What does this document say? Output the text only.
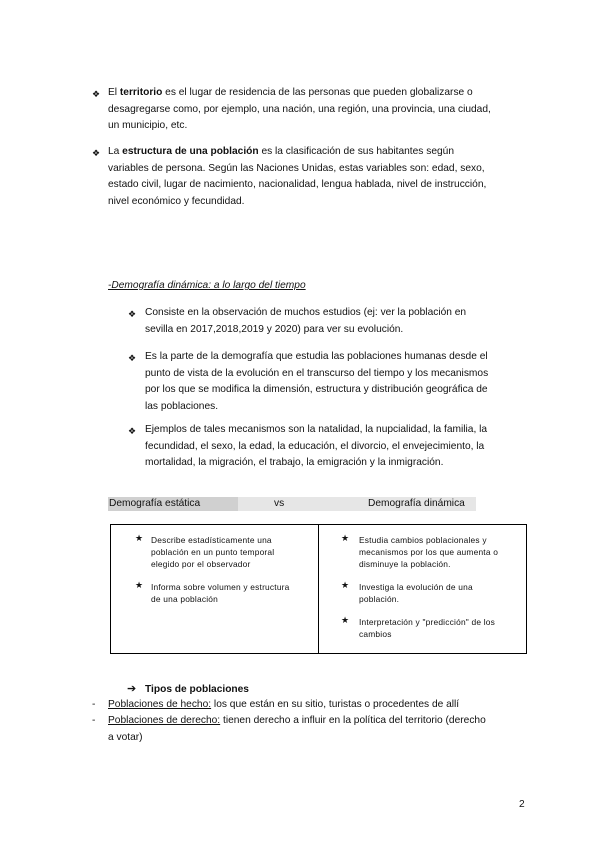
❖ El territorio es el lugar de residencia de las personas que pueden globalizarse o
desagregarse como, por ejemplo, una nación, una región, una provincia, una ciudad,
un municipio, etc.
❖ La estructura de una población es la clasificación de sus habitantes según
variables de persona. Según las Naciones Unidas, estas variables son: edad, sexo,
estado civil, lugar de nacimiento, nacionalidad, lengua hablada, nivel de instrucción,
nivel económico y fecundidad.
-Demografía dinámica: a lo largo del tiempo
❖ Consiste en la observación de muchos estudios (ej: ver la población en
sevilla en 2017,2018,2019 y 2020) para ver su evolución.
❖ Es la parte de la demografía que estudia las poblaciones humanas desde el
punto de vista de la evolución en el transcurso del tiempo y los mecanismos
por los que se modifica la dimensión, estructura y distribución geográfica de
las poblaciones.
❖ Ejemplos de tales mecanismos son la natalidad, la nupcialidad, la familia, la
fecundidad, el sexo, la edad, la educación, el divorcio, el envejecimiento, la
mortalidad, la migración, el trabajo, la emigración y la inmigración.
Demografía estática	vs	Demografía dinámica
★ Describe estadísticamente una
población en un punto temporal
elegido por el observador
★ Informa sobre volumen y estructura
de una población
★ Estudia cambios poblacionales y
mecanismos por los que aumenta o
disminuye la población.
★ Investiga la evolución de una
población.
★ Interpretación y "predicción" de los
cambios
➔ Tipos de poblaciones
- Poblaciones de hecho: los que están en su sitio, turistas o procedentes de allí
- Poblaciones de derecho: tienen derecho a influir en la política del territorio (derecho
a votar)
2
